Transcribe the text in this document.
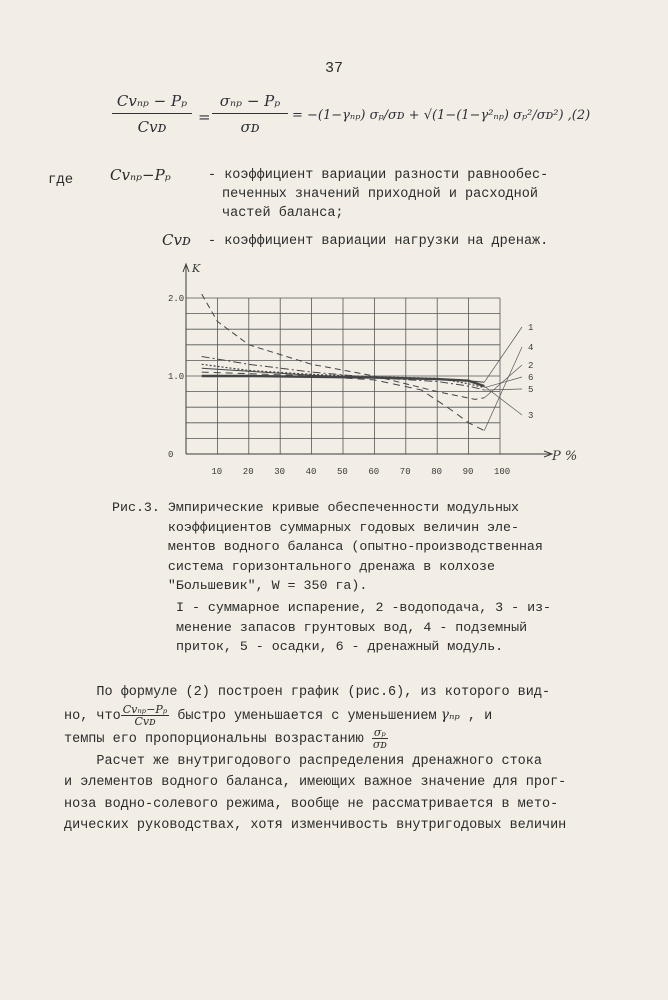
37
Cvₙₚ − Pₚ
Cvᴅ
=
σₙₚ − Pₚ
σᴅ
= −(1−γₙₚ) σₚ/σᴅ + √(1−(1−γ²ₙₚ) σₚ²/σᴅ²) ,(2)
где Cvₙₚ−Pₚ	- коэффициент вариации разности равнообес-
печенных значений приходной и расходной
частей баланса;
Cvᴅ - коэффициент вариации нагрузки на дренаж.
K
P %
0
1.0
2.0
10 20 30 40 50 60 70 80 90 100
1
2
3
4
5
6
Рис.3. Эмпирические кривые обеспеченности модульных
коэффициентов суммарных годовых величин эле-
ментов водного баланса (опытно-производственная
система горизонтального дренажа в колхозе
"Большевик", W = 350 га).
I - суммарное испарение, 2 -водоподача, 3 - из-
менение запасов грунтовых вод, 4 - подземный
приток, 5 - осадки, 6 - дренажный модуль.
По формуле (2) построен график (рис.6), из которого вид-
но, что $\frac{\text{Cvₙₚ−Pₚ}}{\text{Cvᴅ}}$ быстро уменьшается с уменьшением γₙₚ , и
темпы его пропорциональны возрастанию $\frac{\text{σₚ}}{\text{σᴅ}}$
Расчет же внутригодового распределения дренажного стока
и элементов водного баланса, имеющих важное значение для прог-
ноза водно-солевого режима, вообще не рассматривается в мето-
дических руководствах, хотя изменчивость внутригодовых величин
